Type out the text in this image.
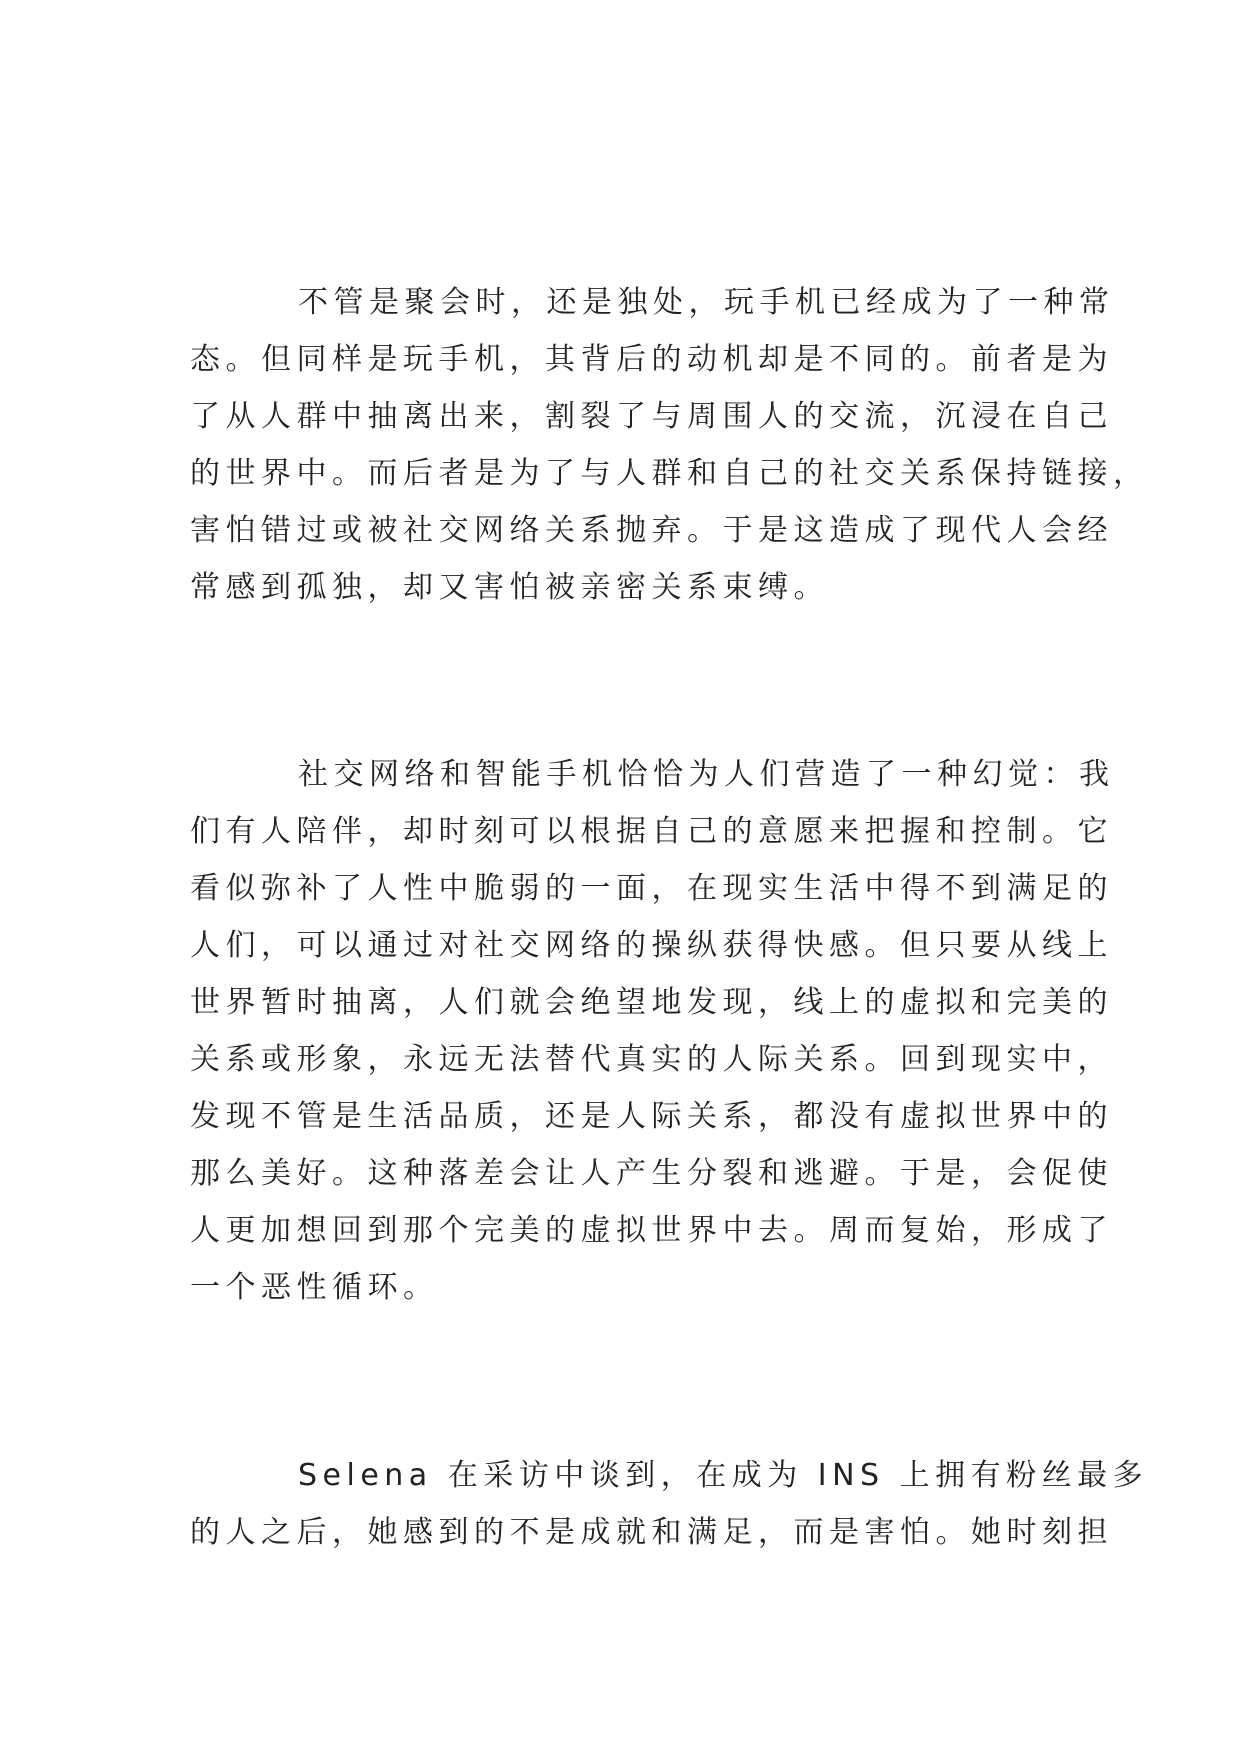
不管是聚会时，还是独处，玩手机已经成为了一种常
态。但同样是玩手机，其背后的动机却是不同的。前者是为
了从人群中抽离出来，割裂了与周围人的交流，沉浸在自己
的世界中。而后者是为了与人群和自己的社交关系保持链接，
害怕错过或被社交网络关系抛弃。于是这造成了现代人会经
常感到孤独，却又害怕被亲密关系束缚。
社交网络和智能手机恰恰为人们营造了一种幻觉：我
们有人陪伴，却时刻可以根据自己的意愿来把握和控制。它
看似弥补了人性中脆弱的一面，在现实生活中得不到满足的
人们，可以通过对社交网络的操纵获得快感。但只要从线上
世界暂时抽离，人们就会绝望地发现，线上的虚拟和完美的
关系或形象，永远无法替代真实的人际关系。回到现实中，
发现不管是生活品质，还是人际关系，都没有虚拟世界中的
那么美好。这种落差会让人产生分裂和逃避。于是，会促使
人更加想回到那个完美的虚拟世界中去。周而复始，形成了
一个恶性循环。
Selena 在采访中谈到，在成为 INS 上拥有粉丝最多
的人之后，她感到的不是成就和满足，而是害怕。她时刻担
